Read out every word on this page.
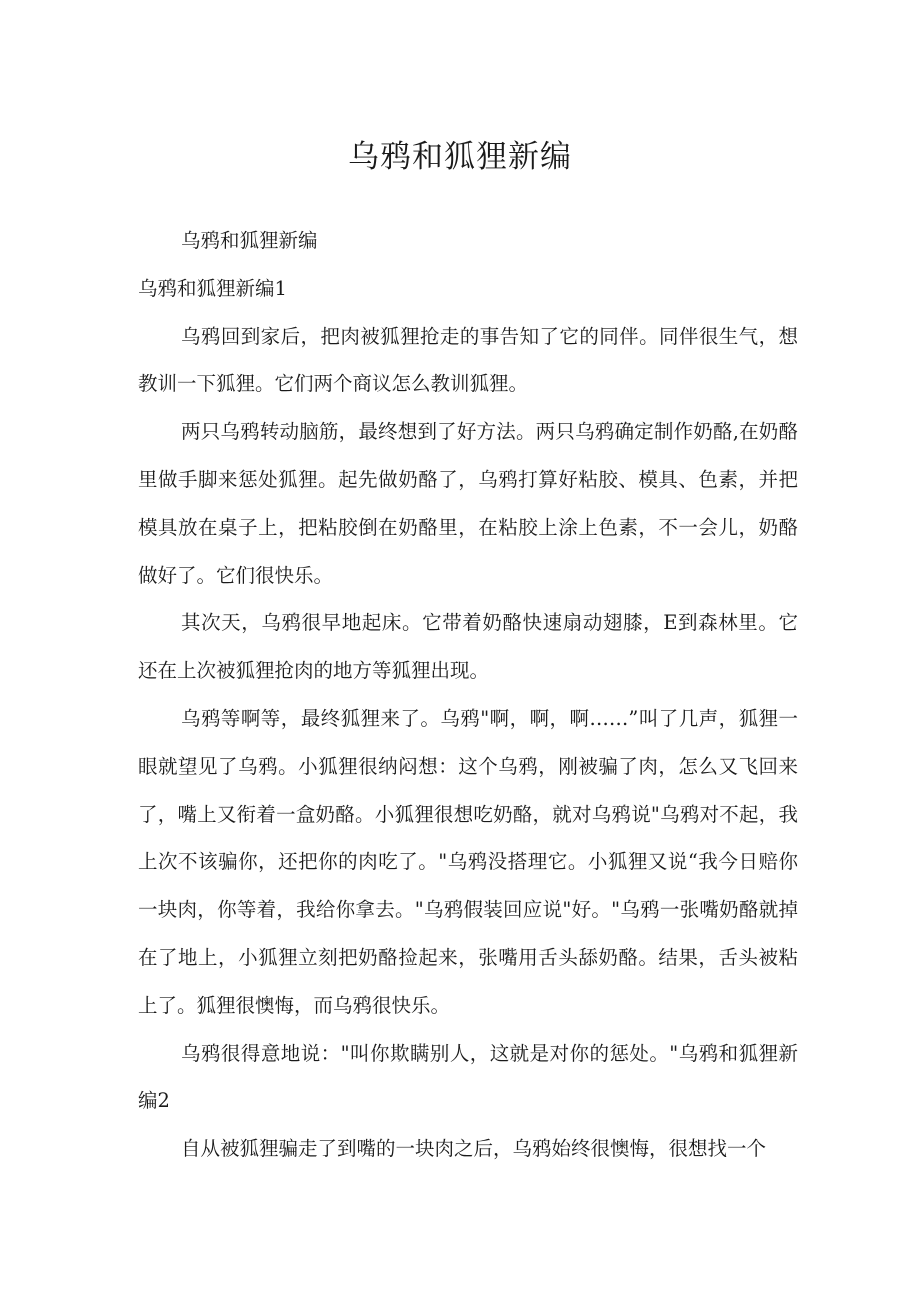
乌鸦和狐狸新编

乌鸦和狐狸新编

乌鸦和狐狸新编1

乌鸦回到家后，把肉被狐狸抢走的事告知了它的同伴。同伴很生气，想教训一下狐狸。它们两个商议怎么教训狐狸。

两只乌鸦转动脑筋，最终想到了好方法。两只乌鸦确定制作奶酪,在奶酪里做手脚来惩处狐狸。起先做奶酪了，乌鸦打算好粘胶、模具、色素，并把模具放在桌子上，把粘胶倒在奶酪里，在粘胶上涂上色素，不一会儿，奶酪做好了。它们很快乐。

其次天，乌鸦很早地起床。它带着奶酪快速扇动翅膝，E到森林里。它还在上次被狐狸抢肉的地方等狐狸出现。

乌鸦等啊等，最终狐狸来了。乌鸦"啊，啊，啊……”叫了几声，狐狸一眼就望见了乌鸦。小狐狸很纳闷想：这个乌鸦，刚被骗了肉，怎么又飞回来了，嘴上又衔着一盒奶酪。小狐狸很想吃奶酪，就对乌鸦说"乌鸦对不起，我上次不该骗你，还把你的肉吃了。"乌鸦没搭理它。小狐狸又说“我今日赔你一块肉，你等着，我给你拿去。"乌鸦假装回应说"好。"乌鸦一张嘴奶酪就掉在了地上，小狐狸立刻把奶酪捡起来，张嘴用舌头舔奶酪。结果，舌头被粘上了。狐狸很懊悔，而乌鸦很快乐。

乌鸦很得意地说："叫你欺瞒别人，这就是对你的惩处。"乌鸦和狐狸新编2

自从被狐狸骗走了到嘴的一块肉之后，乌鸦始终很懊悔，很想找一个
